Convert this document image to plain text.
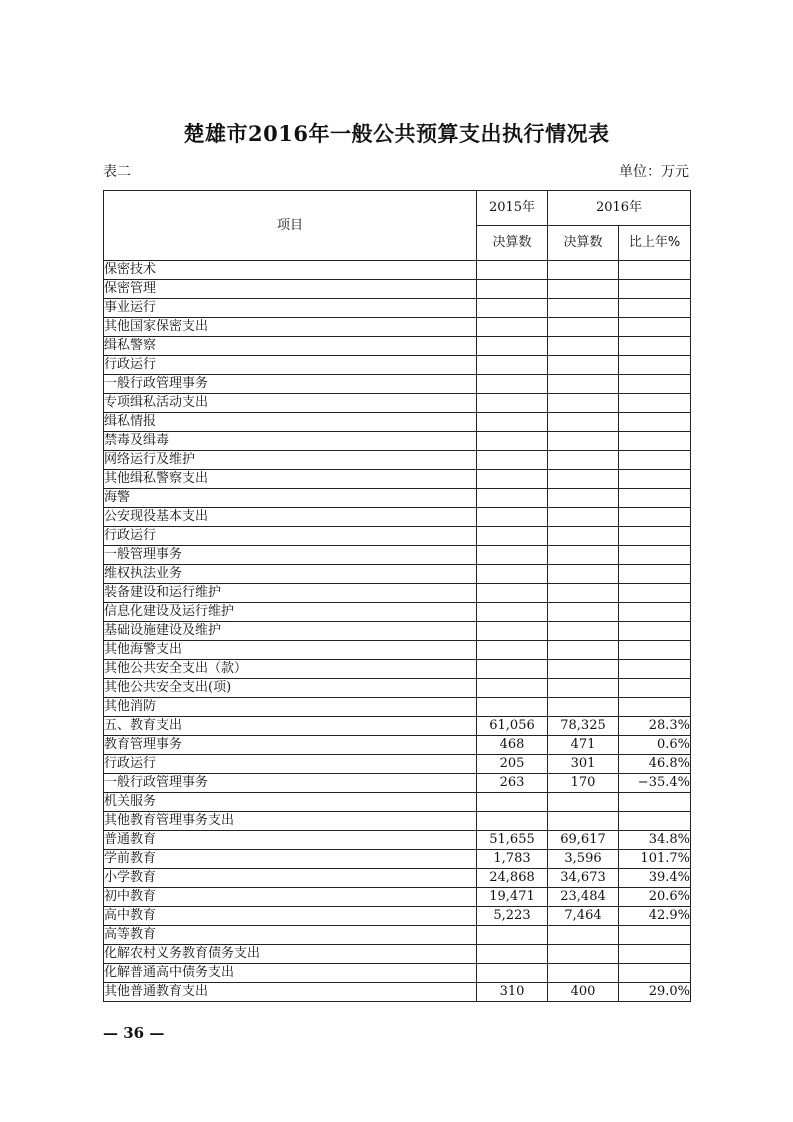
楚雄市2016年一般公共预算支出执行情况表
表二	单位：万元
项目	2015年	2016年	
	决算数	决算数	比上年%
保密技术			
保密管理			
事业运行			
其他国家保密支出			
缉私警察			
行政运行			
一般行政管理事务			
专项缉私活动支出			
缉私情报			
禁毒及缉毒			
网络运行及维护			
其他缉私警察支出			
海警			
公安现役基本支出			
行政运行			
一般管理事务			
维权执法业务			
装备建设和运行维护			
信息化建设及运行维护			
基础设施建设及维护			
其他海警支出			
其他公共安全支出（款）			
其他公共安全支出(项)			
其他消防			
五、教育支出	61,056	78,325	28.3%
教育管理事务	468	471	0.6%
行政运行	205	301	46.8%
一般行政管理事务	263	170	−35.4%
机关服务			
其他教育管理事务支出			
普通教育	51,655	69,617	34.8%
学前教育	1,783	3,596	101.7%
小学教育	24,868	34,673	39.4%
初中教育	19,471	23,484	20.6%
高中教育	5,223	7,464	42.9%
高等教育			
化解农村义务教育债务支出			
化解普通高中债务支出			
其他普通教育支出	310	400	29.0%
— 36 —
